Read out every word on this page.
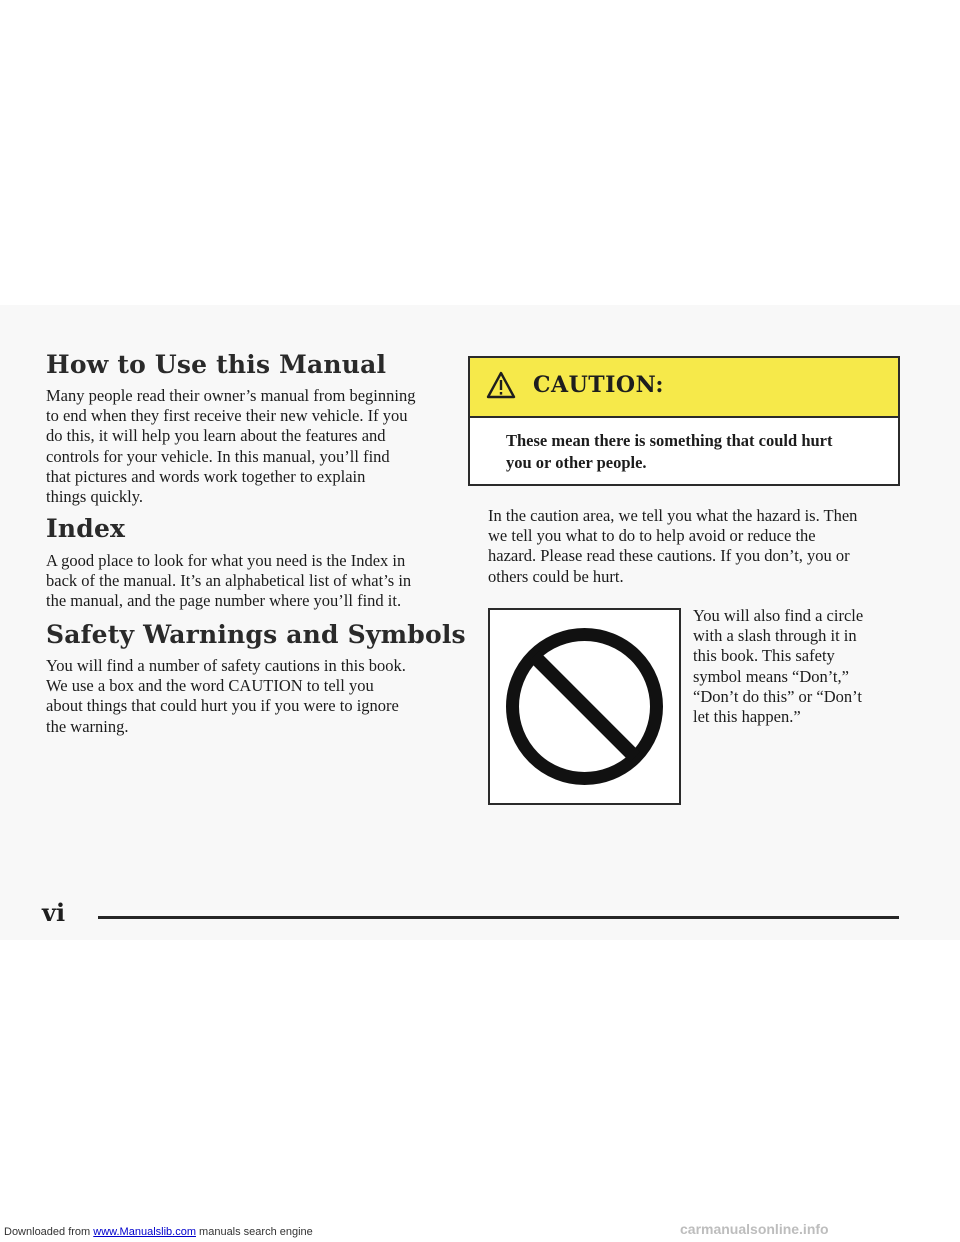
How to Use this Manual

Many people read their owner’s manual from beginning
to end when they first receive their new vehicle. If you
do this, it will help you learn about the features and
controls for your vehicle. In this manual, you’ll find
that pictures and words work together to explain
things quickly.

Index

A good place to look for what you need is the Index in
back of the manual. It’s an alphabetical list of what’s in
the manual, and the page number where you’ll find it.

Safety Warnings and Symbols

You will find a number of safety cautions in this book.
We use a box and the word CAUTION to tell you
about things that could hurt you if you were to ignore
the warning.

CAUTION:

These mean there is something that could hurt
you or other people.

In the caution area, we tell you what the hazard is. Then
we tell you what to do to help avoid or reduce the
hazard. Please read these cautions. If you don’t, you or
others could be hurt.

You will also find a circle
with a slash through it in
this book. This safety
symbol means “Don’t,”
“Don’t do this” or “Don’t
let this happen.”

vi
Downloaded from www.Manualslib.com manuals search engine	carmanualsonline.info
